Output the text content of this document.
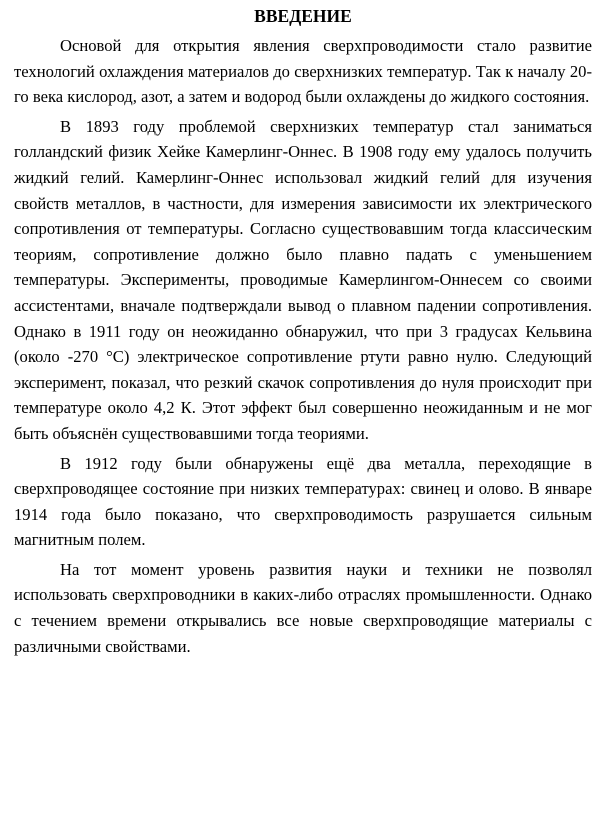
ВВЕДЕНИЕ

Основой для открытия явления сверхпроводимости стало развитие технологий охлаждения материалов до сверхнизких температур. Так к началу 20-го века кислород, азот, а затем и водород были охлаждены до жидкого состояния.

В 1893 году проблемой сверхнизких температур стал заниматься голландский физик Хейке Камерлинг-Оннес. В 1908 году ему удалось получить жидкий гелий. Камерлинг-Оннес использовал жидкий гелий для изучения свойств металлов, в частности, для измерения зависимости их электрического сопротивления от температуры. Согласно существовавшим тогда классическим теориям, сопротивление должно было плавно падать с уменьшением температуры. Эксперименты, проводимые Камерлингом-Оннесем со своими ассистентами, вначале подтверждали вывод о плавном падении сопротивления. Однако в 1911 году он неожиданно обнаружил, что при 3 градусах Кельвина (около -270 °C) электрическое сопротивление ртути равно нулю. Следующий эксперимент, показал, что резкий скачок сопротивления до нуля происходит при температуре около 4,2 К. Этот эффект был совершенно неожиданным и не мог быть объяснён существовавшими тогда теориями.

В 1912 году были обнаружены ещё два металла, переходящие в сверхпроводящее состояние при низких температурах: свинец и олово. В январе 1914 года было показано, что сверхпроводимость разрушается сильным магнитным полем.

На тот момент уровень развития науки и техники не позволял использовать сверхпроводники в каких-либо отраслях промышленности. Однако с течением времени открывались все новые сверхпроводящие материалы с различными свойствами.
